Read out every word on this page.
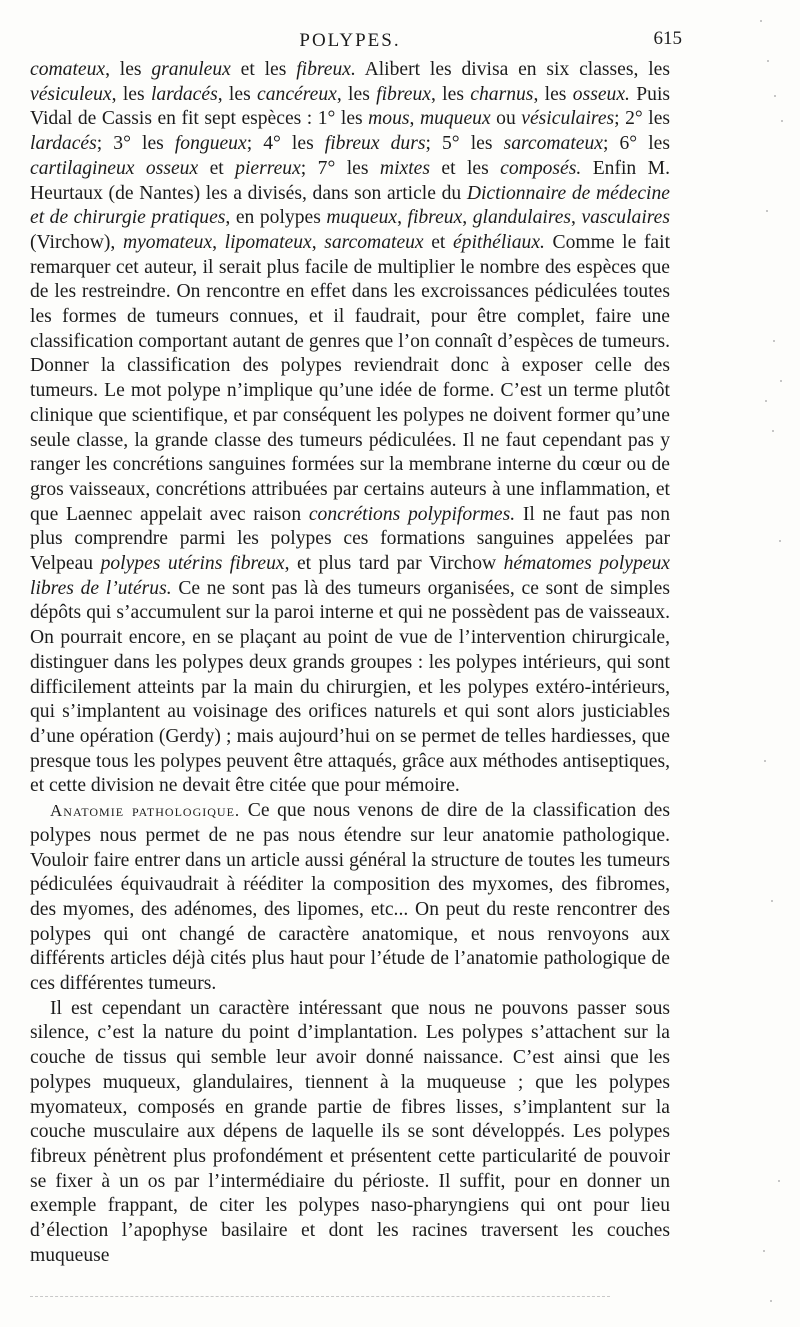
POLYPES.	615

comateux, les granuleux et les fibreux. Alibert les divisa en six classes, les vésiculeux, les lardacés, les cancéreux, les fibreux, les charnus, les osseux. Puis Vidal de Cassis en fit sept espèces : 1° les mous, muqueux ou vésiculaires; 2° les lardacés; 3° les fongueux; 4° les fibreux durs; 5° les sarcomateux; 6° les cartilagineux osseux et pierreux; 7° les mixtes et les composés. Enfin M. Heurtaux (de Nantes) les a divisés, dans son article du Dictionnaire de médecine et de chirurgie pratiques, en polypes muqueux, fibreux, glandulaires, vasculaires (Virchow), myomateux, lipomateux, sarcomateux et épithéliaux. Comme le fait remarquer cet auteur, il serait plus facile de multiplier le nombre des espèces que de les restreindre. On rencontre en effet dans les excroissances pédiculées toutes les formes de tumeurs connues, et il faudrait, pour être complet, faire une classification comportant autant de genres que l’on connaît d’espèces de tumeurs. Donner la classification des polypes reviendrait donc à exposer celle des tumeurs. Le mot polype n’implique qu’une idée de forme. C’est un terme plutôt clinique que scientifique, et par conséquent les polypes ne doivent former qu’une seule classe, la grande classe des tumeurs pédiculées. Il ne faut cependant pas y ranger les concrétions sanguines formées sur la membrane interne du cœur ou de gros vaisseaux, concrétions attribuées par certains auteurs à une inflammation, et que Laennec appelait avec raison concrétions polypiformes. Il ne faut pas non plus comprendre parmi les polypes ces formations sanguines appelées par Velpeau polypes utérins fibreux, et plus tard par Virchow hématomes polypeux libres de l’utérus. Ce ne sont pas là des tumeurs organisées, ce sont de simples dépôts qui s’accumulent sur la paroi interne et qui ne possèdent pas de vaisseaux. On pourrait encore, en se plaçant au point de vue de l’intervention chirurgicale, distinguer dans les polypes deux grands groupes : les polypes intérieurs, qui sont difficilement atteints par la main du chirurgien, et les polypes extéro-intérieurs, qui s’implantent au voisinage des orifices naturels et qui sont alors justiciables d’une opération (Gerdy) ; mais aujourd’hui on se permet de telles hardiesses, que presque tous les polypes peuvent être attaqués, grâce aux méthodes antiseptiques, et cette division ne devait être citée que pour mémoire.

Anatomie pathologique. Ce que nous venons de dire de la classification des polypes nous permet de ne pas nous étendre sur leur anatomie pathologique. Vouloir faire entrer dans un article aussi général la structure de toutes les tumeurs pédiculées équivaudrait à rééditer la composition des myxomes, des fibromes, des myomes, des adénomes, des lipomes, etc... On peut du reste rencontrer des polypes qui ont changé de caractère anatomique, et nous renvoyons aux différents articles déjà cités plus haut pour l’étude de l’anatomie pathologique de ces différentes tumeurs.

Il est cependant un caractère intéressant que nous ne pouvons passer sous silence, c’est la nature du point d’implantation. Les polypes s’attachent sur la couche de tissus qui semble leur avoir donné naissance. C’est ainsi que les polypes muqueux, glandulaires, tiennent à la muqueuse ; que les polypes myomateux, composés en grande partie de fibres lisses, s’implantent sur la couche musculaire aux dépens de laquelle ils se sont développés. Les polypes fibreux pénètrent plus profondément et présentent cette particularité de pouvoir se fixer à un os par l’intermédiaire du périoste. Il suffit, pour en donner un exemple frappant, de citer les polypes naso-pharyngiens qui ont pour lieu d’élection l’apophyse basilaire et dont les racines traversent les couches muqueuse
